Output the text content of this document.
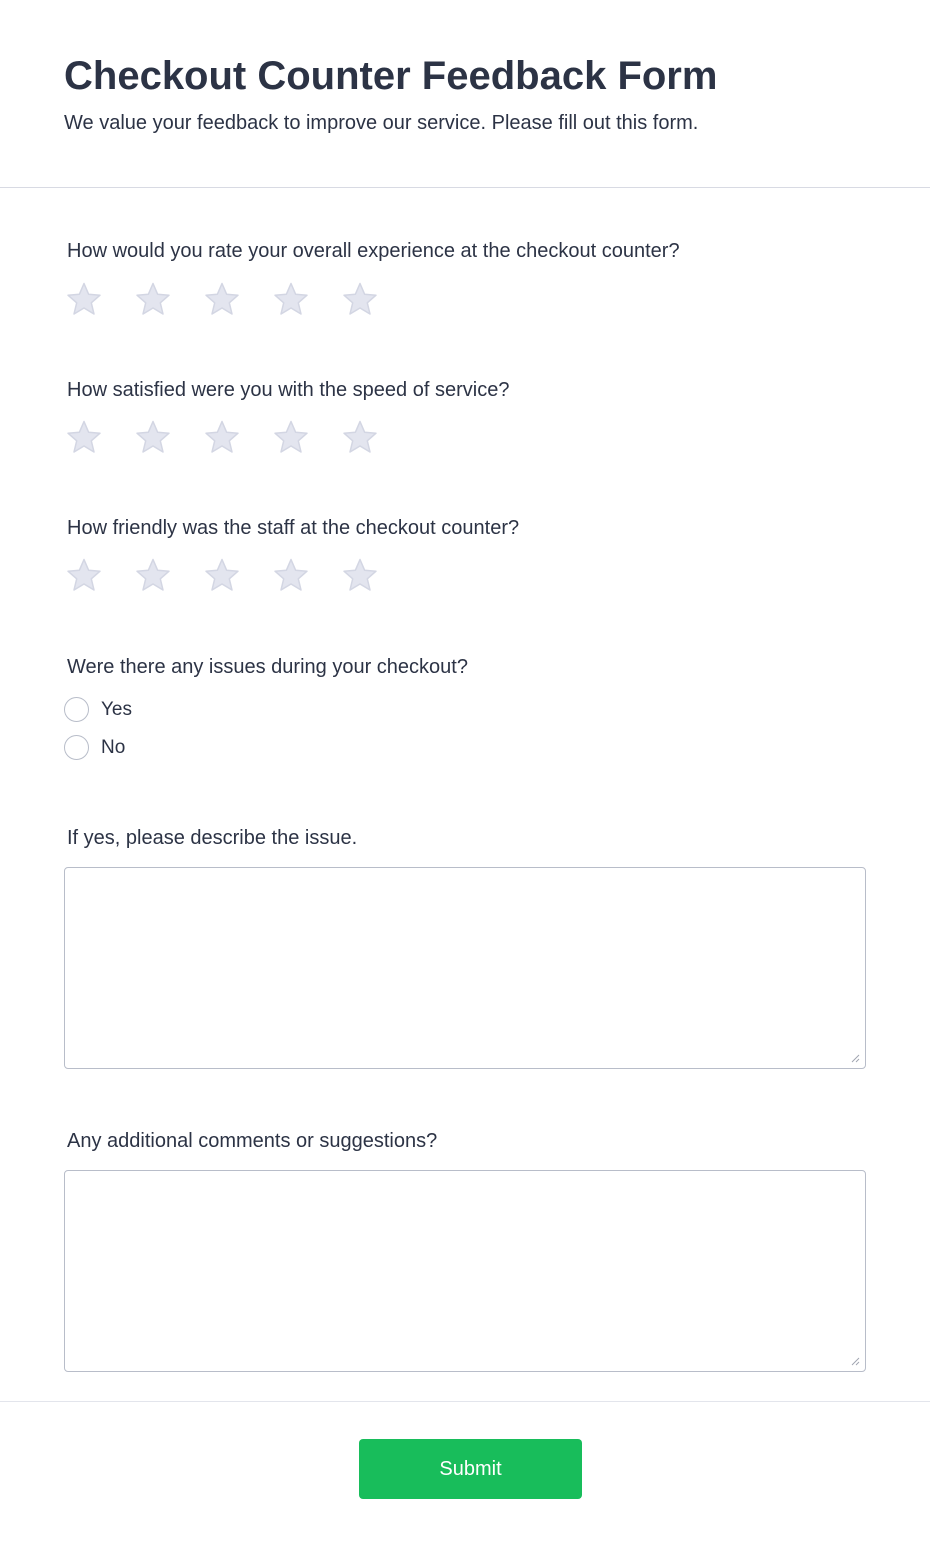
Checkout Counter Feedback Form
We value your feedback to improve our service. Please fill out this form.
How would you rate your overall experience at the checkout counter?
How satisfied were you with the speed of service?
How friendly was the staff at the checkout counter?
Were there any issues during your checkout?
Yes
No
If yes, please describe the issue.
Any additional comments or suggestions?
Submit
